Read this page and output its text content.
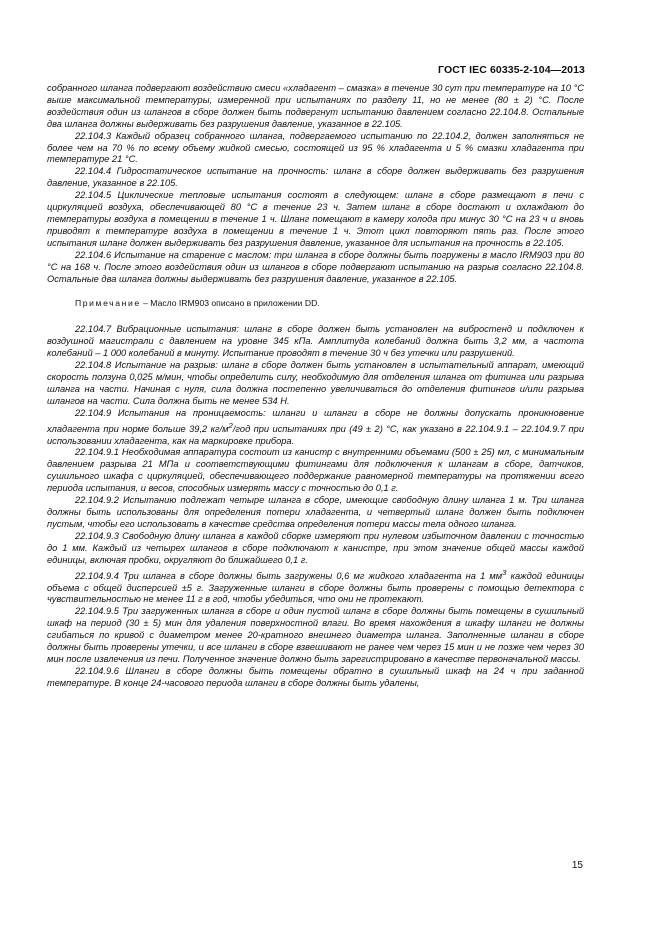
ГОСТ IEC 60335-2-104—2013

собранного шланга подвергают воздействию смеси «хладагент – смазка» в течение 30 сут при температуре на 10 °С выше максимальной температуры, измеренной при испытаниях по разделу 11, но не менее (80 ± 2) °С. После воздействия один из шлангов в сборе должен быть подвергнут испытанию давлением согласно 22.104.8. Остальные два шланга должны выдерживать без разрушения давление, указанное в 22.105.

22.104.3 Каждый образец собранного шланга, подвергаемого испытанию по 22.104.2, должен заполняться не более чем на 70 % по всему объему жидкой смесью, состоящей из 95 % хладагента и 5 % смазки хладагента при температуре 21 °С.

22.104.4 Гидростатическое испытание на прочность: шланг в сборе должен выдерживать без разрушения давление, указанное в 22.105.

22.104.5 Циклические тепловые испытания состоят в следующем: шланг в сборе размещают в печи с циркуляцией воздуха, обеспечивающей 80 °С в течение 23 ч. Затем шланг в сборе достают и охлаждают до температуры воздуха в помещении в течение 1 ч. Шланг помещают в камеру холода при минус 30 °С на 23 ч и вновь приводят к температуре воздуха в помещении в течение 1 ч. Этот цикл повторяют пять раз. После этого испытания шланг должен выдерживать без разрушения давление, указанное для испытания на прочность в 22.105.

22.104.6 Испытание на старение с маслом: три шланга в сборе должны быть погружены в масло IRM903 при 80 °С на 168 ч. После этого воздействия один из шлангов в сборе подвергают испытанию на разрыв согласно 22.104.8. Остальные два шланга должны выдерживать без разрушения давление, указанное в 22.105.

Примечание – Масло IRM903 описано в приложении DD.

22.104.7 Вибрационные испытания: шланг в сборе должен быть установлен на вибростенд и подключен к воздушной магистрали с давлением на уровне 345 кПа. Амплитуда колебаний должна быть 3,2 мм, а частота колебаний – 1 000 колебаний в минуту. Испытание проводят в течение 30 ч без утечки или разрушений.

22.104.8 Испытание на разрыв: шланг в сборе должен быть установлен в испытательный аппарат, имеющий скорость ползуна 0,025 м/мин, чтобы определить силу, необходимую для отделения шланга от фитинга или разрыва шланга на части. Начиная с нуля, сила должна постепенно увеличиваться до отделения фитингов и/или разрыва шлангов на части. Сила должна быть не менее 534 Н.

22.104.9 Испытания на проницаемость: шланги и шланги в сборе не должны допускать проникновение хладагента при норме больше 39,2 $кг/м^2$/год при испытаниях при (49 ± 2) °С, как указано в 22.104.9.1 – 22.104.9.7 при использовании хладагента, как на маркировке прибора.

22.104.9.1 Необходимая аппаратура состоит из канистр с внутренними объемами (500 ± 25) мл, с минимальным давлением разрыва 21 МПа и соответствующими фитингами для подключения к шлангам в сборе, датчиков, сушильного шкафа с циркуляцией, обеспечивающего поддержание равномерной температуры на протяжении всего периода испытания, и весов, способных измерять массу с точностью до 0,1 г.

22.104.9.2 Испытанию подлежат четыре шланга в сборе, имеющие свободную длину шланга 1 м. Три шланга должны быть использованы для определения потери хладагента, и четвертый шланг должен быть подключен пустым, чтобы его использовать в качестве средства определения потери массы тела одного шланга.

22.104.9.3 Свободную длину шланга в каждой сборке измеряют при нулевом избыточном давлении с точностью до 1 мм. Каждый из четырех шлангов в сборе подключают к канистре, при этом значение общей массы каждой единицы, включая пробки, округляют до ближайшего 0,1 г.

22.104.9.4 Три шланга в сборе должны быть загружены 0,6 мг жидкого хладагента на 1 $мм^3$ каждой единицы объема с общей дисперсией ±5 г. Загруженные шланги в сборе должны быть проверены с помощью детектора с чувствительностью не менее 11 г в год, чтобы убедиться, что они не протекают.

22.104.9.5 Три загруженных шланга в сборе и один пустой шланг в сборе должны быть помещены в сушильный шкаф на период (30 ± 5) мин для удаления поверхностной влаги. Во время нахождения в шкафу шланги не должны сгибаться по кривой с диаметром менее 20-кратного внешнего диаметра шланга. Заполненные шланги в сборе должны быть проверены утечки, и все шланги в сборе взвешивают не ранее чем через 15 мин и не позже чем через 30 мин после извлечения из печи. Полученное значение должно быть зарегистрировано в качестве первоначальной массы.

22.104.9.6 Шланги в сборе должны быть помещены обратно в сушильный шкаф на 24 ч при заданной температуре. В конце 24-часового периода шланги в сборе должны быть удалены,

15
